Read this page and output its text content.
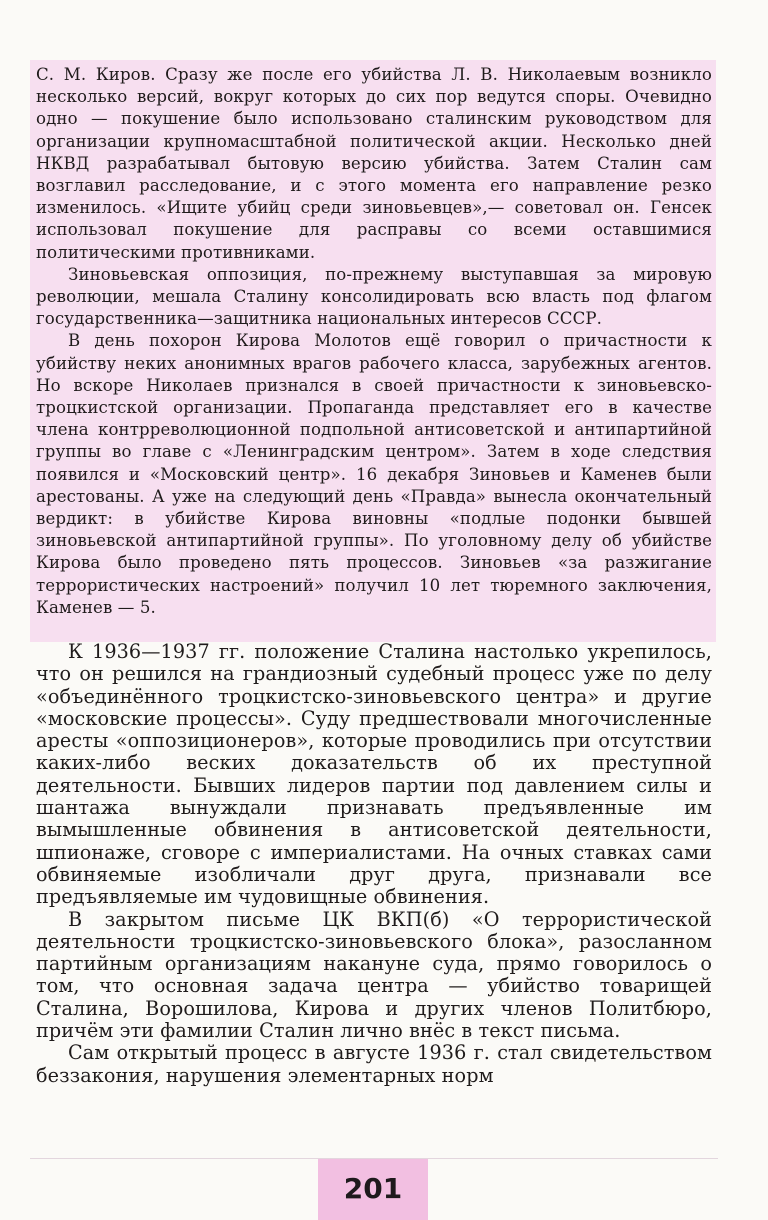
С. М. Киров. Сразу же после его убийства Л. В. Николаевым возникло несколько версий, вокруг которых до сих пор ведутся споры. Очевидно одно — покушение было использовано сталинским руководством для организации крупномасштабной политической акции. Несколько дней НКВД разрабатывал бытовую версию убийства. Затем Сталин сам возглавил расследование, и с этого момента его направление резко изменилось. «Ищите убийц среди зиновьевцев»,— советовал он. Генсек использовал покушение для расправы со всеми оставшимися политическими противниками.

Зиновьевская оппозиция, по-прежнему выступавшая за мировую революции, мешала Сталину консолидировать всю власть под флагом государственника—защитника национальных интересов СССР.

В день похорон Кирова Молотов ещё говорил о причастности к убийству неких анонимных врагов рабочего класса, зарубежных агентов. Но вскоре Николаев признался в своей причастности к зиновьевско-троцкистской организации. Пропаганда представляет его в качестве члена контрреволюционной подпольной антисоветской и антипартийной группы во главе с «Ленинградским центром». Затем в ходе следствия появился и «Московский центр». 16 декабря Зиновьев и Каменев были арестованы. А уже на следующий день «Правда» вынесла окончательный вердикт: в убийстве Кирова виновны «подлые подонки бывшей зиновьевской антипартийной группы». По уголовному делу об убийстве Кирова было проведено пять процессов. Зиновьев «за разжигание террористических настроений» получил 10 лет тюремного заключения, Каменев — 5.

К 1936—1937 гг. положение Сталина настолько укрепилось, что он решился на грандиозный судебный процесс уже по делу «объединённого троцкистско-зиновьевского центра» и другие «московские процессы». Суду предшествовали многочисленные аресты «оппозиционеров», которые проводились при отсутствии каких-либо веских доказательств об их преступной деятельности. Бывших лидеров партии под давлением силы и шантажа вынуждали признавать предъявленные им вымышленные обвинения в антисоветской деятельности, шпионаже, сговоре с империалистами. На очных ставках сами обвиняемые изобличали друг друга, признавали все предъявляемые им чудовищные обвинения.

В закрытом письме ЦК ВКП(б) «О террористической деятельности троцкистско-зиновьевского блока», разосланном партийным организациям накануне суда, прямо говорилось о том, что основная задача центра — убийство товарищей Сталина, Ворошилова, Кирова и других членов Политбюро, причём эти фамилии Сталин лично внёс в текст письма.

Сам открытый процесс в августе 1936 г. стал свидетельством беззакония, нарушения элементарных норм

201
